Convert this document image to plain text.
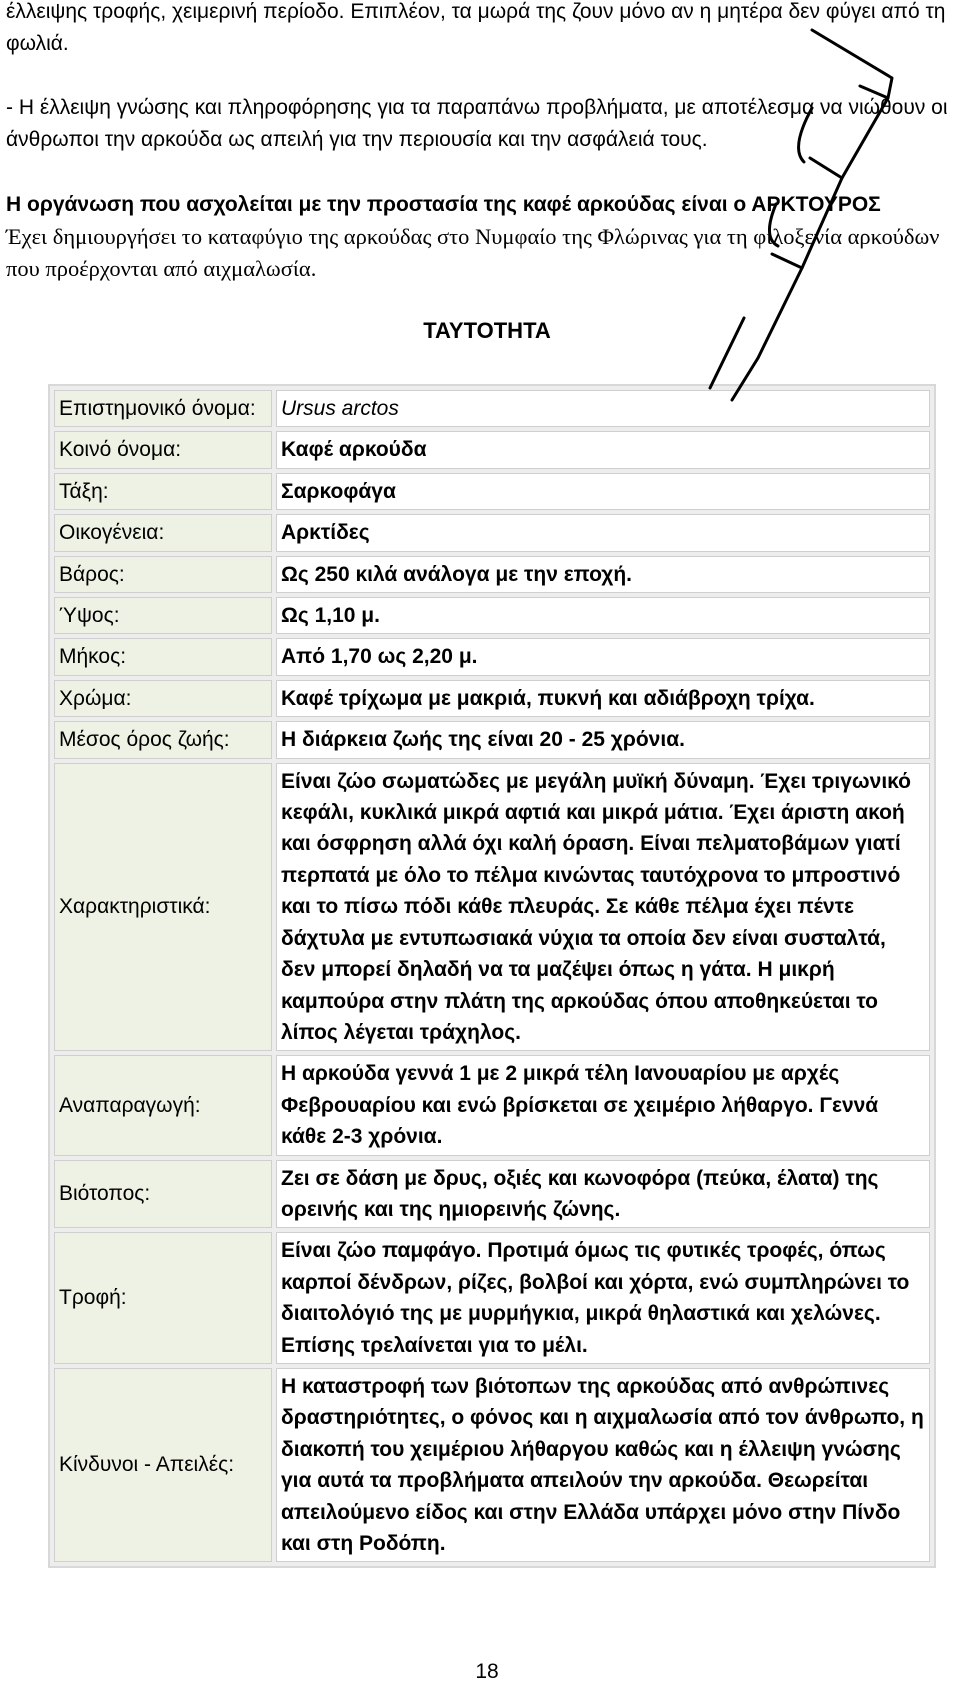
έλλειψης τροφής, χειμερινή περίοδο. Επιπλέον, τα μωρά της ζουν μόνο αν η μητέρα δεν φύγει από τη φωλιά.

- Η έλλειψη γνώσης και πληροφόρησης για τα παραπάνω προβλήματα, με αποτέλεσμα να νιώθουν οι άνθρωποι την αρκούδα ως απειλή για την περιουσία και την ασφάλειά τους.

Η οργάνωση που ασχολείται με την προστασία της καφέ αρκούδας είναι ο ΑΡΚΤΟΥΡΟΣ

Έχει δημιουργήσει το καταφύγιο της αρκούδας στο Νυμφαίο της Φλώρινας για τη φιλοξενία αρκούδων που προέρχονται από αιχμαλωσία.

ΤΑΥΤΟΤΗΤΑ

Επιστημονικό όνομα:	Ursus arctos
Κοινό όνομα:	Καφέ αρκούδα
Τάξη:	Σαρκοφάγα
Οικογένεια:	Αρκτίδες
Βάρος:	Ως 250 κιλά ανάλογα με την εποχή.
Ύψος:	Ως 1,10 μ.
Μήκος:	Από 1,70 ως 2,20 μ.
Χρώμα:	Καφέ τρίχωμα με μακριά, πυκνή και αδιάβροχη τρίχα.
Μέσος όρος ζωής:	Η διάρκεια ζωής της είναι 20 - 25 χρόνια.
Χαρακτηριστικά:	Είναι ζώο σωματώδες με μεγάλη μυϊκή δύναμη. Έχει τριγωνικό κεφάλι, κυκλικά μικρά αφτιά και μικρά μάτια. Έχει άριστη ακοή και όσφρηση αλλά όχι καλή όραση. Είναι πελματοβάμων γιατί περπατά με όλο το πέλμα κινώντας ταυτόχρονα το μπροστινό και το πίσω πόδι κάθε πλευράς. Σε κάθε πέλμα έχει πέντε δάχτυλα με εντυπωσιακά νύχια τα οποία δεν είναι συσταλτά, δεν μπορεί δηλαδή να τα μαζέψει όπως η γάτα. Η μικρή καμπούρα στην πλάτη της αρκούδας όπου αποθηκεύεται το λίπος λέγεται τράχηλος.
Αναπαραγωγή:	Η αρκούδα γεννά 1 με 2 μικρά τέλη Ιανουαρίου με αρχές Φεβρουαρίου και ενώ βρίσκεται σε χειμέριο λήθαργο. Γεννά κάθε 2-3 χρόνια.
Βιότοπος:	Ζει σε δάση με δρυς, οξιές και κωνοφόρα (πεύκα, έλατα) της ορεινής και της ημιορεινής ζώνης.
Τροφή:	Είναι ζώο παμφάγο. Προτιμά όμως τις φυτικές τροφές, όπως καρποί δένδρων, ρίζες, βολβοί και χόρτα, ενώ συμπληρώνει το διαιτολόγιό της με μυρμήγκια, μικρά θηλαστικά και χελώνες. Επίσης τρελαίνεται για το μέλι.
Κίνδυνοι - Απειλές:	Η καταστροφή των βιότοπων της αρκούδας από ανθρώπινες δραστηριότητες, ο φόνος και η αιχμαλωσία από τον άνθρωπο, η διακοπή του χειμέριου λήθαργου καθώς και η έλλειψη γνώσης για αυτά τα προβλήματα απειλούν την αρκούδα. Θεωρείται απειλούμενο είδος και στην Ελλάδα υπάρχει μόνο στην Πίνδο και στη Ροδόπη.

18
